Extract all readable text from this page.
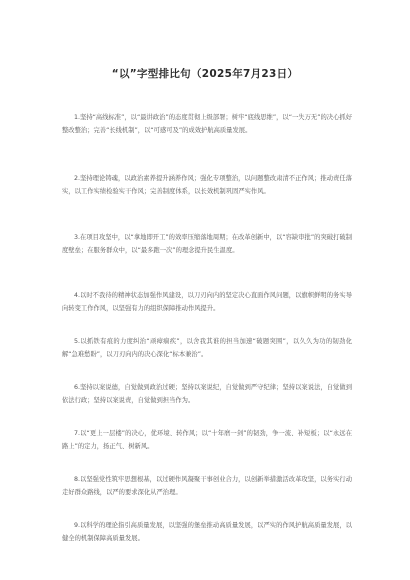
“以”字型排比句（2025年7月23日）

1.坚持“高线标准”，以“最讲政治”的态度贯彻上级部署；树牢“底线思维”，以“一失万无”的决心抓好整改整治；完善“长线机制”，以“可感可及”的成效护航高质量发展。

2.坚持理论铸魂，以政治素养提升涵养作风；强化专项整治，以问题整改肃清不正作风；推动责任落实，以工作实绩检验实干作风；完善制度体系，以长效机制巩固严实作风。

3.在项目攻坚中，以“拿地即开工”的效率压缩落地周期；在改革创新中，以“容缺审批”的突破打破制度壁垒；在服务群众中，以“最多跑一次”的理念提升民生温度。

4.以时不我待的精神状态加强作风建设，以刀刃向内的坚定决心直面作风问题，以旗帜鲜明的务实导向转变工作作风，以坚强有力的组织保障推动作风提升。

5.以抓铁有痕的力度纠治“顽瘴痼疾”，以舍我其谁的担当加速“破题突围”，以久久为功的韧劲化解“急难愁盼”，以刀刃向内的决心深化“标本兼治”。

6.坚持以案说德，自觉做到政治过硬；坚持以案说纪，自觉做到严守纪律；坚持以案说法，自觉做到依法行政；坚持以案说责，自觉做到担当作为。

7.以“更上一层楼”的决心，优环境、转作风；以“十年磨一剑”的韧劲，争一流、补短板；以“永远在路上”的定力，扬正气、树新风。

8.以坚强党性筑牢思想根基，以过硬作风凝聚干事创业合力，以创新举措激活改革攻坚，以务实行动走好群众路线，以严的要求深化从严治理。

9.以科学的理论指引高质量发展，以坚强的堡垒推动高质量发展，以严实的作风护航高质量发展，以健全的机制保障高质量发展。
